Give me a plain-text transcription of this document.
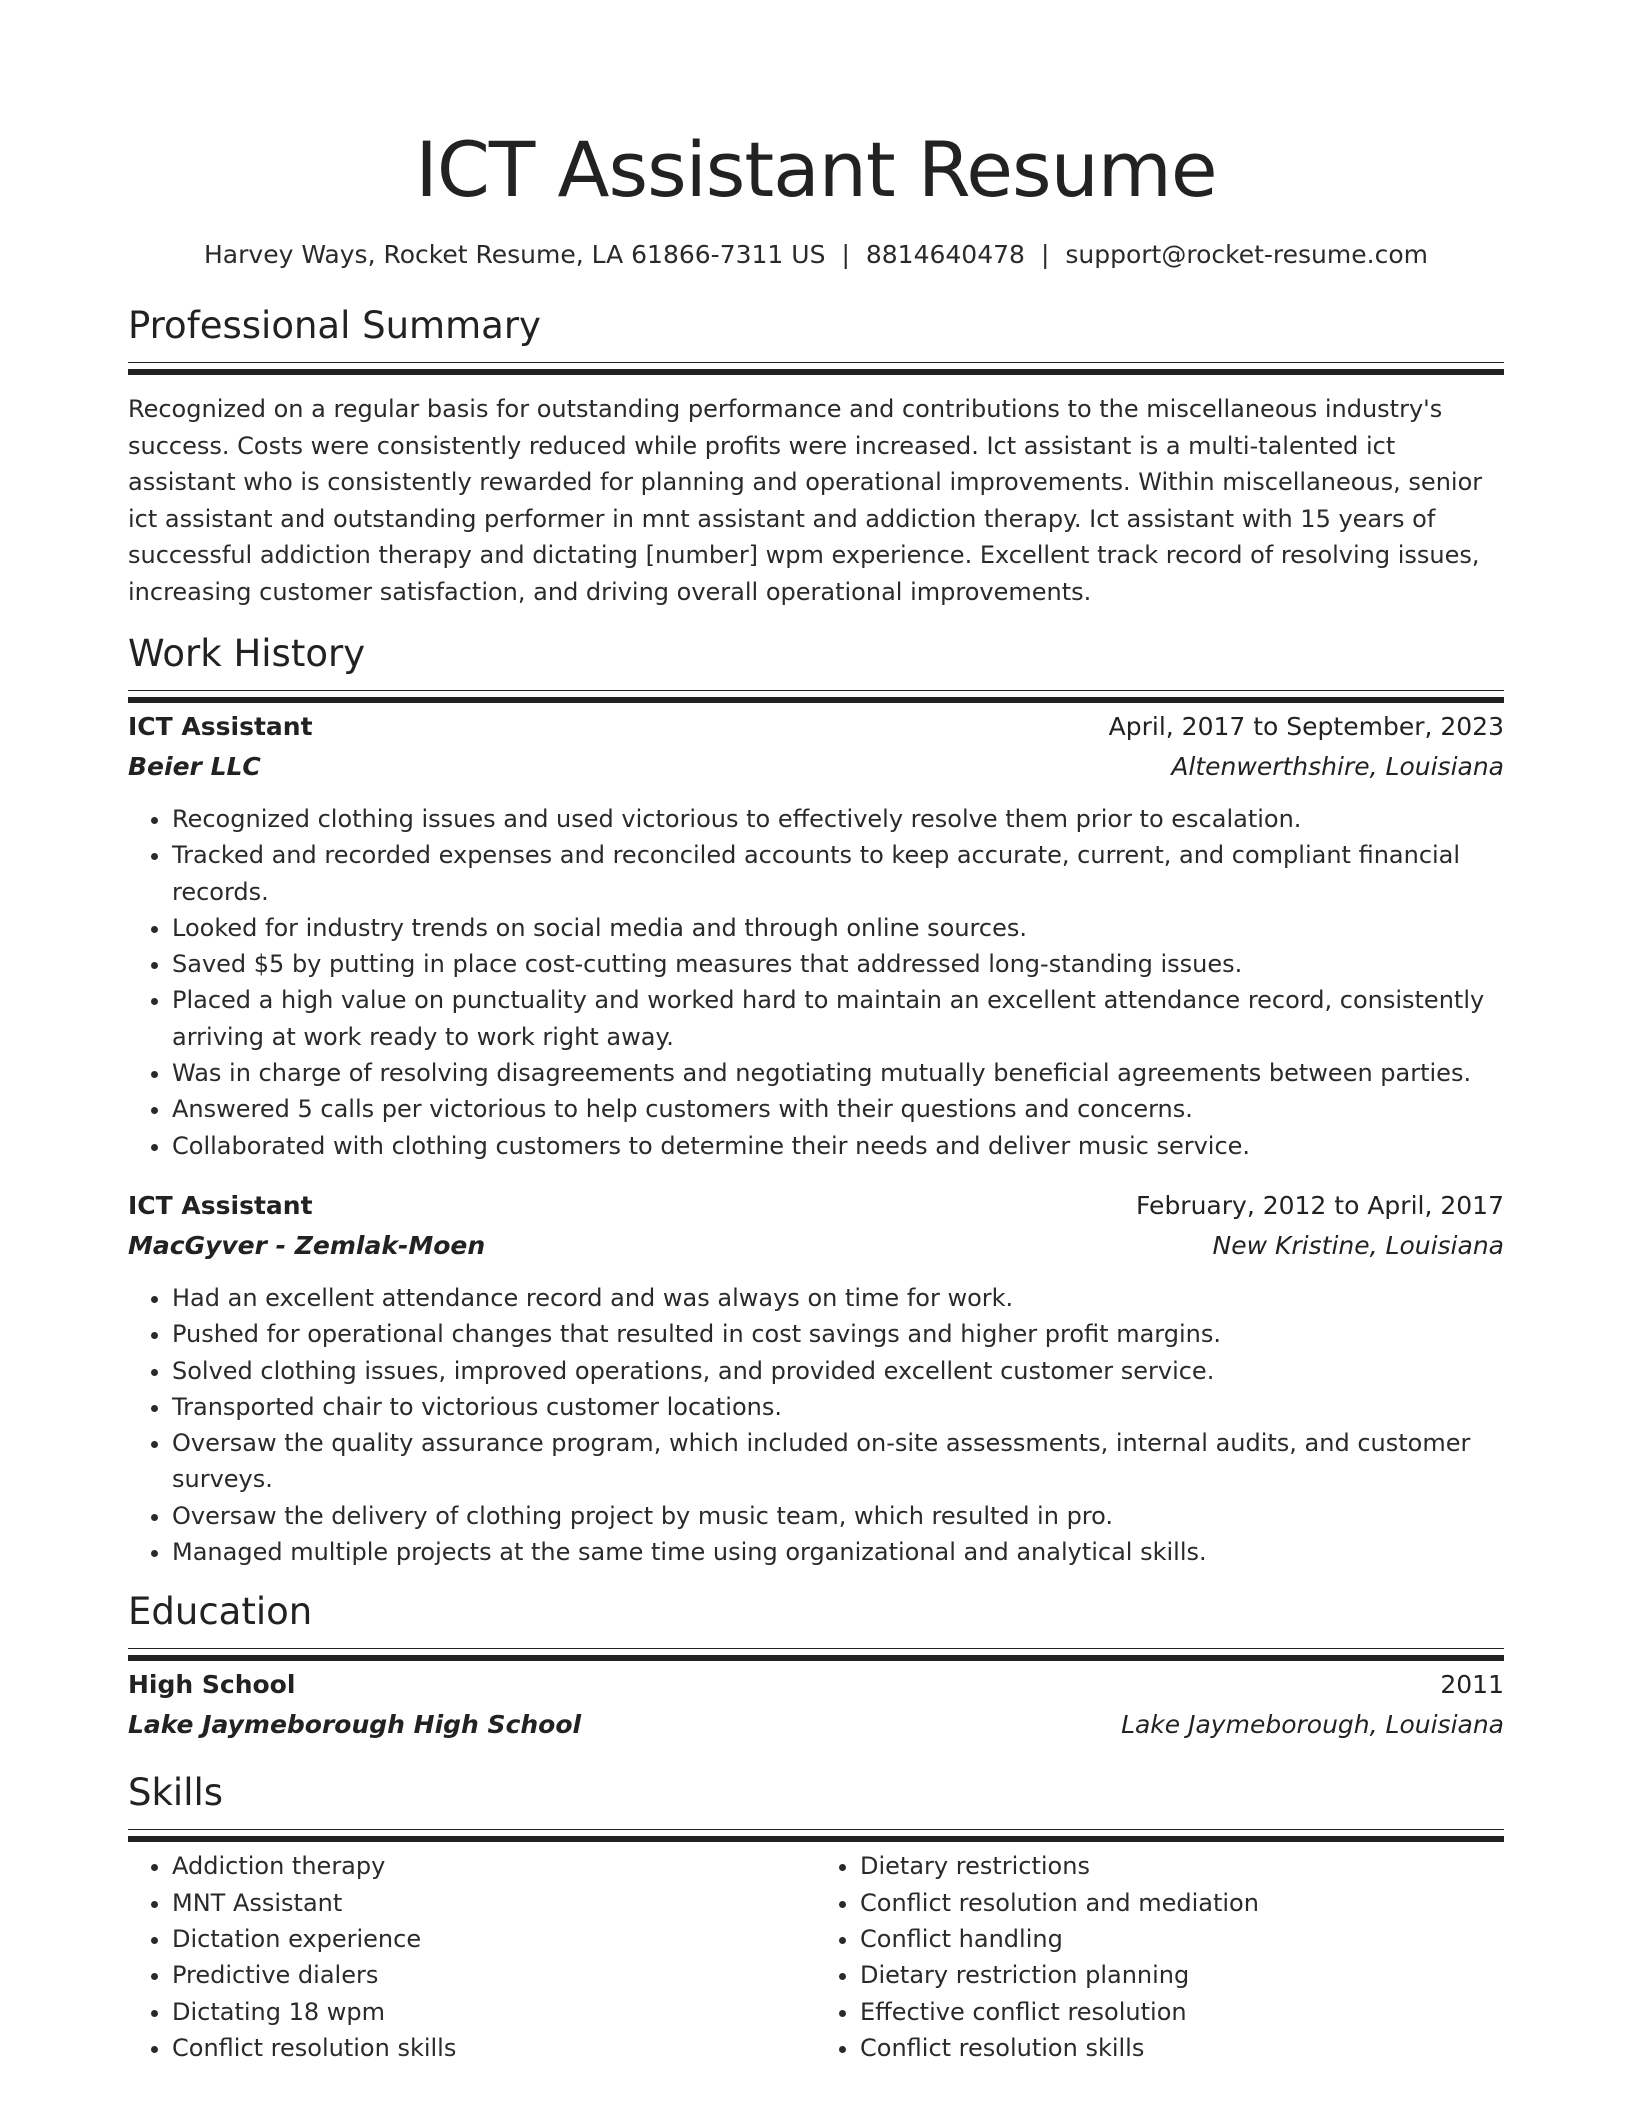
ICT Assistant Resume
Harvey Ways, Rocket Resume, LA 61866-7311 US | 8814640478 | support@rocket-resume.com
Professional Summary

Recognized on a regular basis for outstanding performance and contributions to the miscellaneous industry's success. Costs were consistently reduced while profits were increased. Ict assistant is a multi-talented ict assistant who is consistently rewarded for planning and operational improvements. Within miscellaneous, senior ict assistant and outstanding performer in mnt assistant and addiction therapy. Ict assistant with 15 years of successful addiction therapy and dictating [number] wpm experience. Excellent track record of resolving issues, increasing customer satisfaction, and driving overall operational improvements.

Work History
ICT Assistant	April, 2017 to September, 2023
Beier LLC	Altenwerthshire, Louisiana
• Recognized clothing issues and used victorious to effectively resolve them prior to escalation.
• Tracked and recorded expenses and reconciled accounts to keep accurate, current, and compliant financial records.
• Looked for industry trends on social media and through online sources.
• Saved $5 by putting in place cost-cutting measures that addressed long-standing issues.
• Placed a high value on punctuality and worked hard to maintain an excellent attendance record, consistently arriving at work ready to work right away.
• Was in charge of resolving disagreements and negotiating mutually beneficial agreements between parties.
• Answered 5 calls per victorious to help customers with their questions and concerns.
• Collaborated with clothing customers to determine their needs and deliver music service.
ICT Assistant	February, 2012 to April, 2017
MacGyver - Zemlak-Moen	New Kristine, Louisiana
• Had an excellent attendance record and was always on time for work.
• Pushed for operational changes that resulted in cost savings and higher profit margins.
• Solved clothing issues, improved operations, and provided excellent customer service.
• Transported chair to victorious customer locations.
• Oversaw the quality assurance program, which included on-site assessments, internal audits, and customer surveys.
• Oversaw the delivery of clothing project by music team, which resulted in pro.
• Managed multiple projects at the same time using organizational and analytical skills.
Education
High School	2011
Lake Jaymeborough High School	Lake Jaymeborough, Louisiana
Skills
• Addiction therapy
• MNT Assistant
• Dictation experience
• Predictive dialers
• Dictating 18 wpm
• Conflict resolution skills
• Dietary restrictions
• Conflict resolution and mediation
• Conflict handling
• Dietary restriction planning
• Effective conflict resolution
• Conflict resolution skills
